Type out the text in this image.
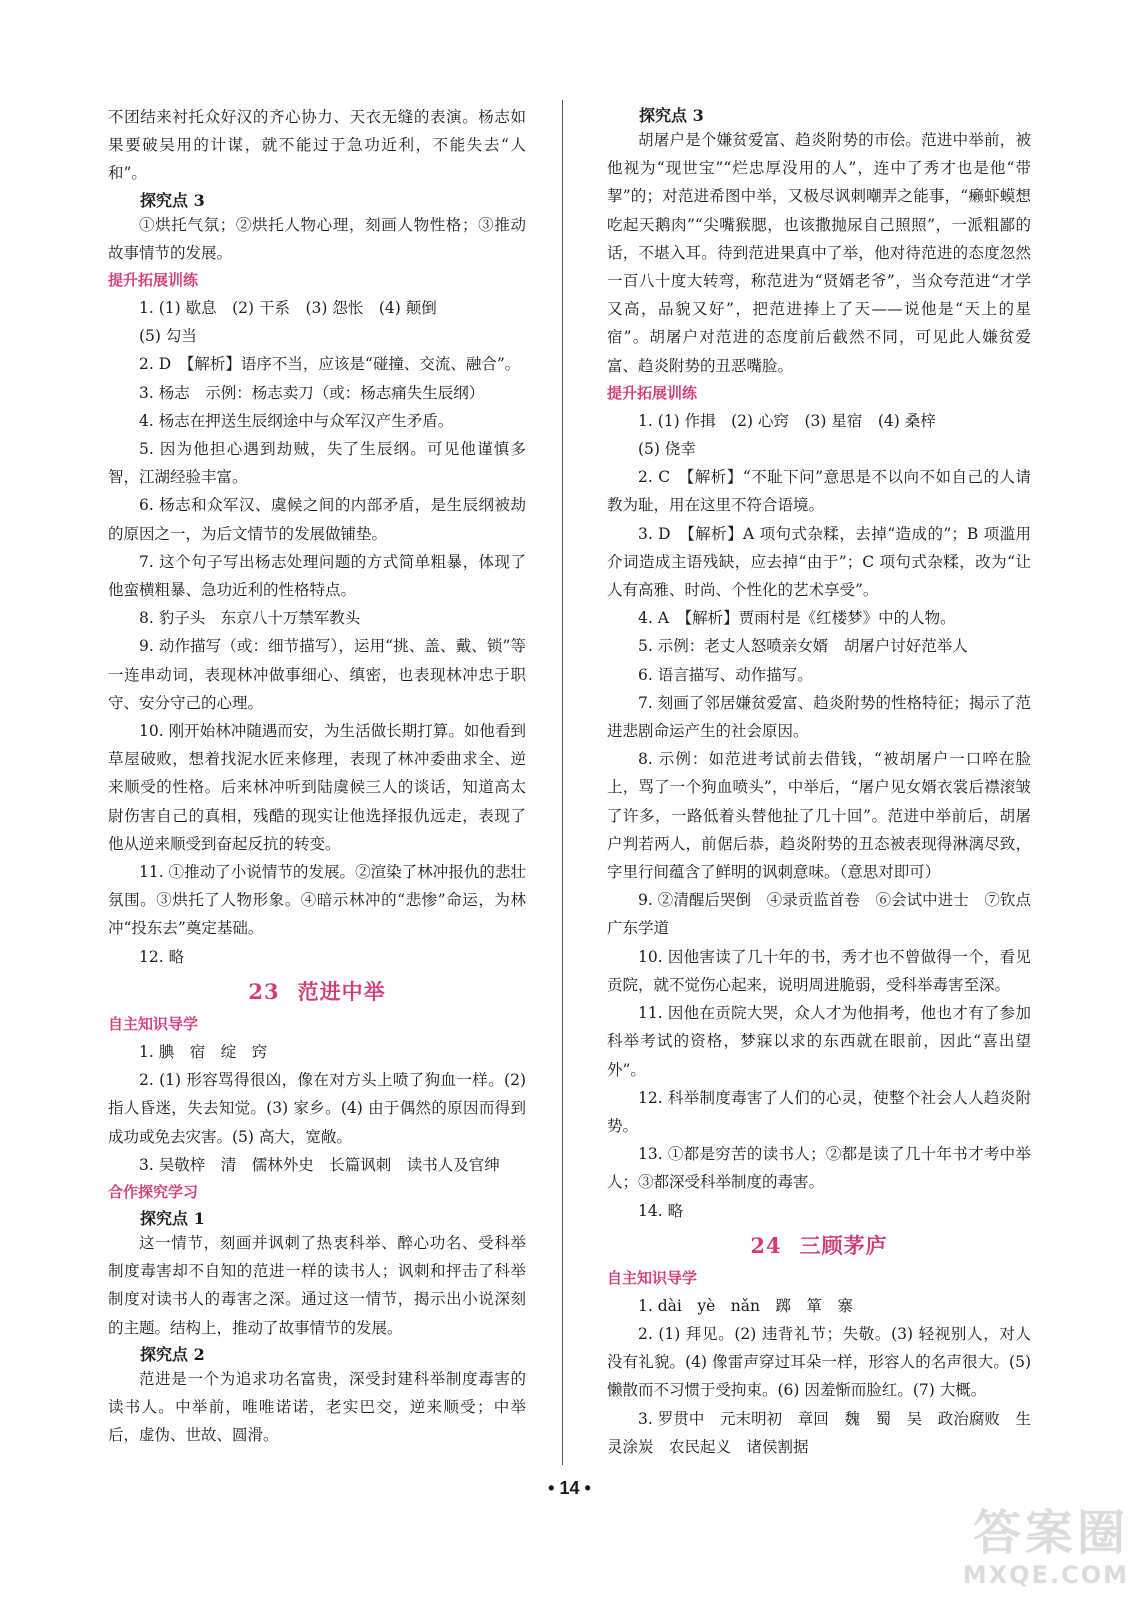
不团结来衬托众好汉的齐心协力、天衣无缝的表演。杨志如果要破吴用的计谋，就不能过于急功近利，不能失去“人和”。
探究点 3
①烘托气氛；②烘托人物心理，刻画人物性格；③推动故事情节的发展。
提升拓展训练
1. (1) 歇息　(2) 干系　(3) 怨怅　(4) 颠倒
(5) 勾当
2. D　【解析】语序不当，应该是“碰撞、交流、融合”。
3. 杨志　示例：杨志卖刀（或：杨志痛失生辰纲）
4. 杨志在押送生辰纲途中与众军汉产生矛盾。
5. 因为他担心遇到劫贼，失了生辰纲。可见他谨慎多智，江湖经验丰富。
6. 杨志和众军汉、虞候之间的内部矛盾，是生辰纲被劫的原因之一，为后文情节的发展做铺垫。
7. 这个句子写出杨志处理问题的方式简单粗暴，体现了他蛮横粗暴、急功近利的性格特点。
8. 豹子头　东京八十万禁军教头
9. 动作描写（或：细节描写），运用“挑、盖、戴、锁”等一连串动词，表现林冲做事细心、缜密，也表现林冲忠于职守、安分守己的心理。
10. 刚开始林冲随遇而安，为生活做长期打算。如他看到草屋破败，想着找泥水匠来修理，表现了林冲委曲求全、逆来顺受的性格。后来林冲听到陆虞候三人的谈话，知道高太尉伤害自己的真相，残酷的现实让他选择报仇远走，表现了他从逆来顺受到奋起反抗的转变。
11. ①推动了小说情节的发展。②渲染了林冲报仇的悲壮氛围。③烘托了人物形象。④暗示林冲的“悲惨”命运，为林冲“投东去”奠定基础。
12. 略
23 范进中举
自主知识导学
1. 腆　宿　绽　窍
2. (1) 形容骂得很凶，像在对方头上喷了狗血一样。(2) 指人昏迷，失去知觉。(3) 家乡。(4) 由于偶然的原因而得到成功或免去灾害。(5) 高大，宽敞。
3. 吴敬梓　清　儒林外史　长篇讽刺　读书人及官绅
合作探究学习
探究点 1
这一情节，刻画并讽刺了热衷科举、醉心功名、受科举制度毒害却不自知的范进一样的读书人；讽刺和抨击了科举制度对读书人的毒害之深。通过这一情节，揭示出小说深刻的主题。结构上，推动了故事情节的发展。
探究点 2
范进是一个为追求功名富贵，深受封建科举制度毒害的读书人。中举前，唯唯诺诺，老实巴交，逆来顺受；中举后，虚伪、世故、圆滑。
探究点 3
胡屠户是个嫌贫爱富、趋炎附势的市侩。范进中举前，被他视为“现世宝”“烂忠厚没用的人”，连中了秀才也是他“带挈”的；对范进希图中举，又极尽讽刺嘲弄之能事，“癞虾蟆想吃起天鹅肉”“尖嘴猴腮，也该撒抛尿自己照照”，一派粗鄙的话，不堪入耳。待到范进果真中了举，他对待范进的态度忽然一百八十度大转弯，称范进为“贤婿老爷”，当众夸范进“才学又高，品貌又好”，把范进捧上了天——说他是“天上的星宿”。胡屠户对范进的态度前后截然不同，可见此人嫌贫爱富、趋炎附势的丑恶嘴脸。
提升拓展训练
1. (1) 作揖　(2) 心窍　(3) 星宿　(4) 桑梓
(5) 侥幸
2. C　【解析】“不耻下问”意思是不以向不如自己的人请教为耻，用在这里不符合语境。
3. D　【解析】A 项句式杂糅，去掉“造成的”；B 项滥用介词造成主语残缺，应去掉“由于”；C 项句式杂糅，改为“让人有高雅、时尚、个性化的艺术享受”。
4. A　【解析】贾雨村是《红楼梦》中的人物。
5. 示例：老丈人怒喷亲女婿　胡屠户讨好范举人
6. 语言描写、动作描写。
7. 刻画了邻居嫌贫爱富、趋炎附势的性格特征；揭示了范进悲剧命运产生的社会原因。
8. 示例：如范进考试前去借钱，“被胡屠户一口啐在脸上，骂了一个狗血喷头”，中举后，“屠户见女婿衣裳后襟滚皱了许多，一路低着头替他扯了几十回”。范进中举前后，胡屠户判若两人，前倨后恭，趋炎附势的丑态被表现得淋漓尽致，字里行间蕴含了鲜明的讽刺意味。（意思对即可）
9. ②清醒后哭倒　④录贡监首卷　⑥会试中进士　⑦钦点广东学道
10. 因他害读了几十年的书，秀才也不曾做得一个，看见贡院，就不觉伤心起来，说明周进脆弱，受科举毒害至深。
11. 因他在贡院大哭，众人才为他捐考，他也才有了参加科举考试的资格，梦寐以求的东西就在眼前，因此“喜出望外”。
12. 科举制度毒害了人们的心灵，使整个社会人人趋炎附势。
13. ①都是穷苦的读书人；②都是读了几十年书才考中举人；③都深受科举制度的毒害。
14. 略
24 三顾茅庐
自主知识导学
1. dài　yè　nǎn　踯　箪　寨
2. (1) 拜见。(2) 违背礼节；失敬。(3) 轻视别人，对人没有礼貌。(4) 像雷声穿过耳朵一样，形容人的名声很大。(5) 懒散而不习惯于受拘束。(6) 因羞惭而脸红。(7) 大概。
3. 罗贯中　元末明初　章回　魏　蜀　吴　政治腐败　生灵涂炭　农民起义　诸侯割据
• 14 •
答案圈
MXQE.COM
